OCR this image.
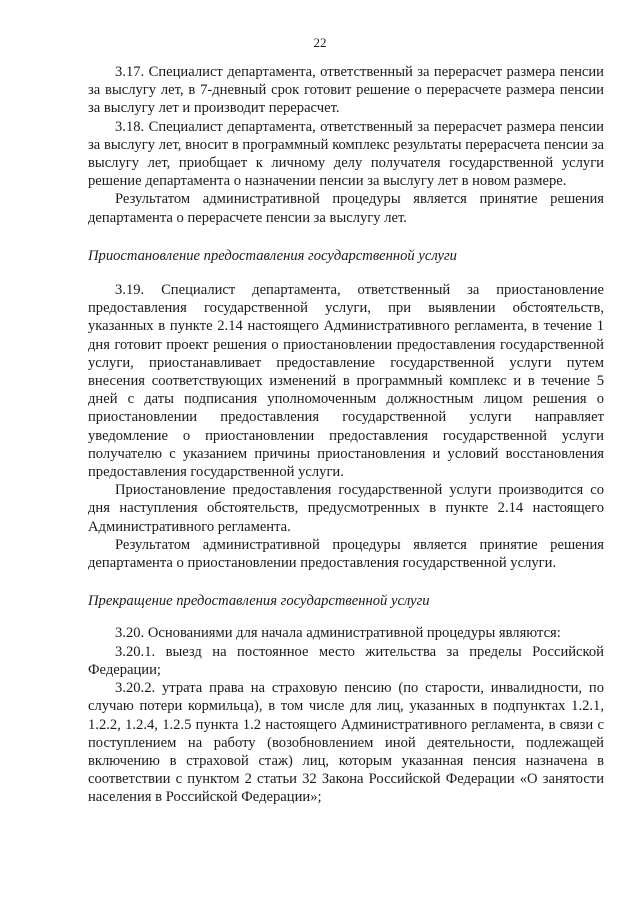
22

3.17. Специалист департамента, ответственный за перерасчет размера пенсии за выслугу лет, в 7-дневный срок готовит решение о перерасчете размера пенсии за выслугу лет и производит перерасчет.

3.18. Специалист департамента, ответственный за перерасчет размера пенсии за выслугу лет, вносит в программный комплекс результаты перерасчета пенсии за выслугу лет, приобщает к личному делу получателя государственной услуги решение департамента о назначении пенсии за выслугу лет в новом размере.

Результатом административной процедуры является принятие решения департамента о перерасчете пенсии за выслугу лет.

Приостановление предоставления государственной услуги

3.19. Специалист департамента, ответственный за приостановление предоставления государственной услуги, при выявлении обстоятельств, указанных в пункте 2.14 настоящего Административного регламента, в течение 1 дня готовит проект решения о приостановлении предоставления государственной услуги, приостанавливает предоставление государственной услуги путем внесения соответствующих изменений в программный комплекс и в течение 5 дней с даты подписания уполномоченным должностным лицом решения о приостановлении предоставления государственной услуги направляет уведомление о приостановлении предоставления государственной услуги получателю с указанием причины приостановления и условий восстановления предоставления государственной услуги.

Приостановление предоставления государственной услуги производится со дня наступления обстоятельств, предусмотренных в пункте 2.14 настоящего Административного регламента.

Результатом административной процедуры является принятие решения департамента о приостановлении предоставления государственной услуги.

Прекращение предоставления государственной услуги

3.20. Основаниями для начала административной процедуры являются:

3.20.1. выезд на постоянное место жительства за пределы Российской Федерации;

3.20.2. утрата права на страховую пенсию (по старости, инвалидности, по случаю потери кормильца), в том числе для лиц, указанных в подпунктах 1.2.1, 1.2.2, 1.2.4, 1.2.5 пункта 1.2 настоящего Административного регламента, в связи с поступлением на работу (возобновлением иной деятельности, подлежащей включению в страховой стаж) лиц, которым указанная пенсия назначена в соответствии с пунктом 2 статьи 32 Закона Российской Федерации «О занятости населения в Российской Федерации»;
